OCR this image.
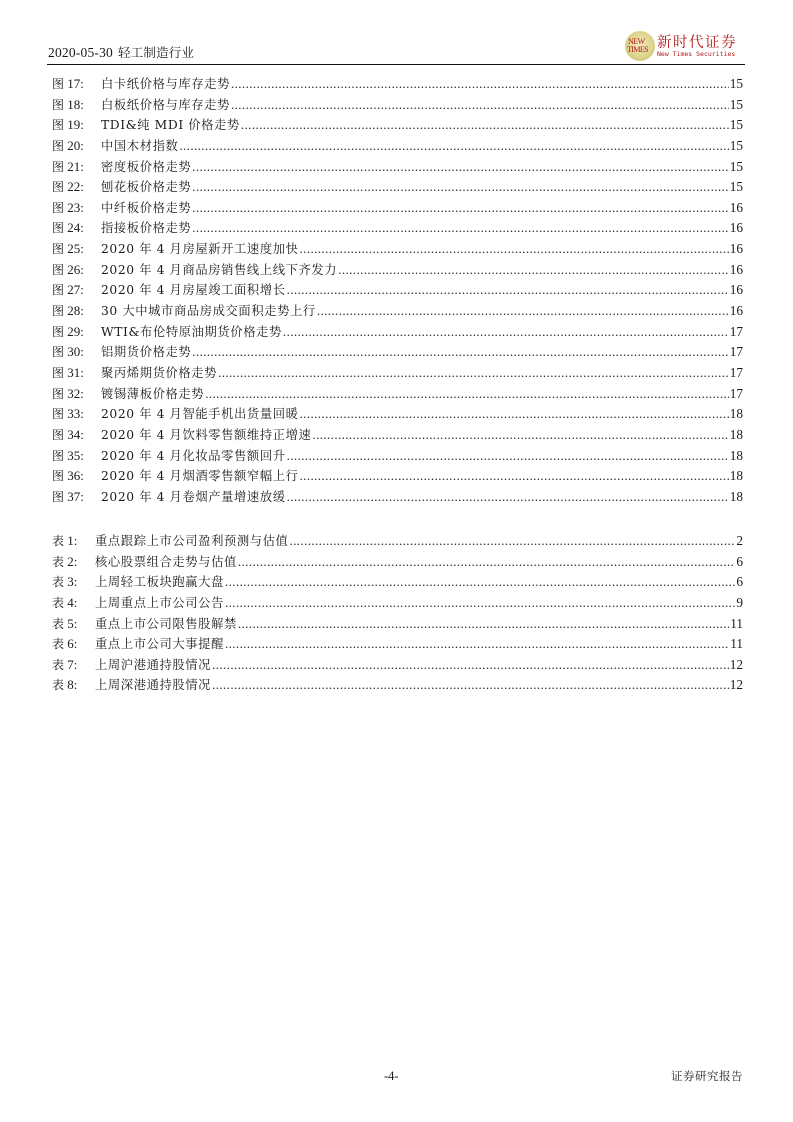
2020-05-30 轻工制造行业
NEW
TIMES 新时代证券
New Times Securities
图 17:	白卡纸价格与库存走势 .....	15
图 18:	白板纸价格与库存走势 .....	15
图 19:	TDI&纯 MDI 价格走势 .....	15
图 20:	中国木材指数 .....	15
图 21:	密度板价格走势 .....	15
图 22:	刨花板价格走势 .....	15
图 23:	中纤板价格走势 .....	16
图 24:	指接板价格走势 .....	16
图 25:	2020 年 4 月房屋新开工速度加快 .....	16
图 26:	2020 年 4 月商品房销售线上线下齐发力 .....	16
图 27:	2020 年 4 月房屋竣工面积增长 .....	16
图 28:	30 大中城市商品房成交面积走势上行 .....	16
图 29:	WTI&布伦特原油期货价格走势 .....	17
图 30:	铝期货价格走势 .....	17
图 31:	聚丙烯期货价格走势 .....	17
图 32:	镀锡薄板价格走势 .....	17
图 33:	2020 年 4 月智能手机出货量回暖 .....	18
图 34:	2020 年 4 月饮料零售额维持正增速 .....	18
图 35:	2020 年 4 月化妆品零售额回升 .....	18
图 36:	2020 年 4 月烟酒零售额窄幅上行 .....	18
图 37:	2020 年 4 月卷烟产量增速放缓 .....	18
表 1:	重点跟踪上市公司盈利预测与估值 .....	2
表 2:	核心股票组合走势与估值 .....	6
表 3:	上周轻工板块跑赢大盘 .....	6
表 4:	上周重点上市公司公告 .....	9
表 5:	重点上市公司限售股解禁 .....	11
表 6:	重点上市公司大事提醒 .....	11
表 7:	上周沪港通持股情况 .....	12
表 8:	上周深港通持股情况 .....	12
-4-	证券研究报告
